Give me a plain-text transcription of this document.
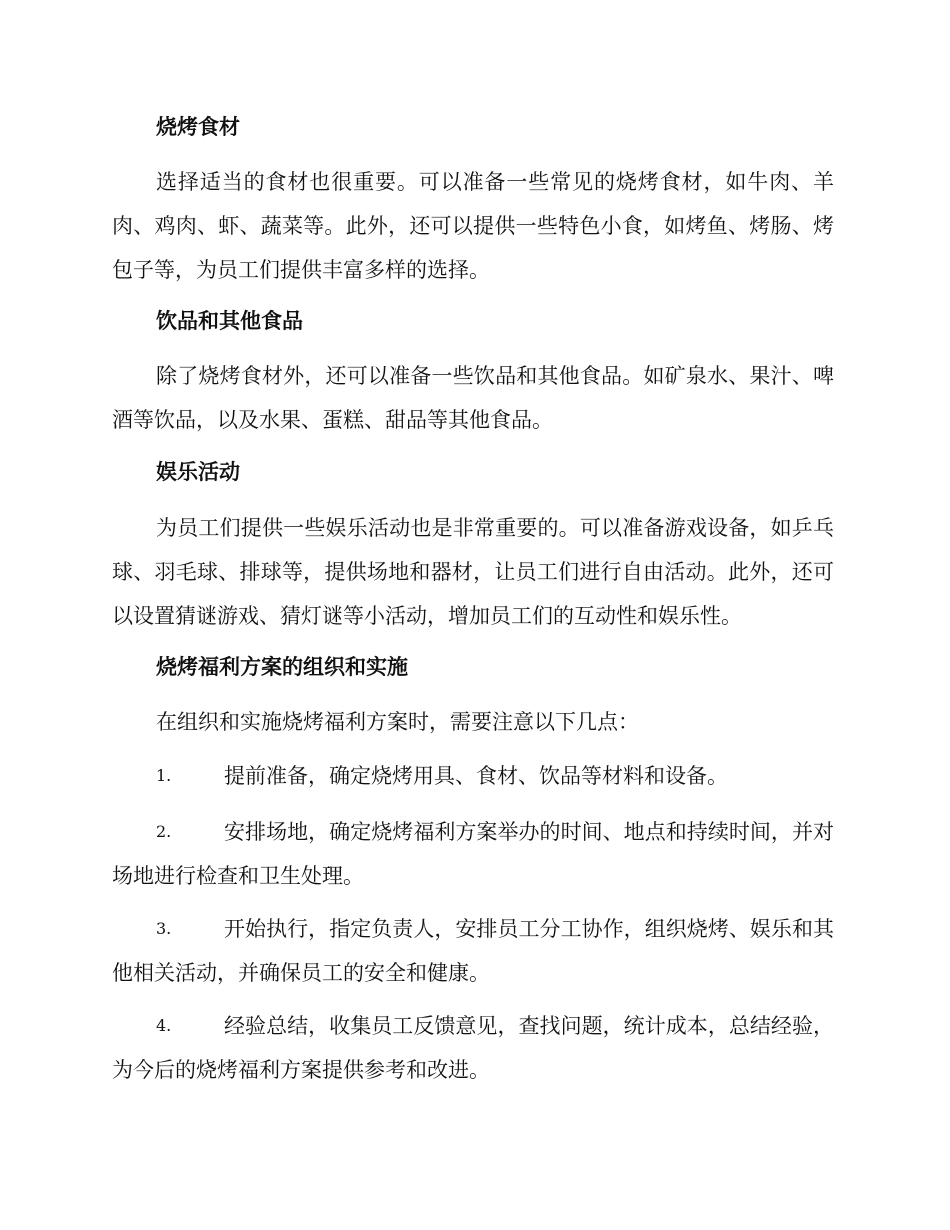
烧烤食材
选择适当的食材也很重要。可以准备一些常见的烧烤食材，如牛肉、羊肉、鸡肉、虾、蔬菜等。此外，还可以提供一些特色小食，如烤鱼、烤肠、烤包子等，为员工们提供丰富多样的选择。
饮品和其他食品
除了烧烤食材外，还可以准备一些饮品和其他食品。如矿泉水、果汁、啤酒等饮品，以及水果、蛋糕、甜品等其他食品。
娱乐活动
为员工们提供一些娱乐活动也是非常重要的。可以准备游戏设备，如乒乓球、羽毛球、排球等，提供场地和器材，让员工们进行自由活动。此外，还可以设置猜谜游戏、猜灯谜等小活动，增加员工们的互动性和娱乐性。
烧烤福利方案的组织和实施
在组织和实施烧烤福利方案时，需要注意以下几点：
1.	提前准备，确定烧烤用具、食材、饮品等材料和设备。
2.	安排场地，确定烧烤福利方案举办的时间、地点和持续时间，并对场地进行检查和卫生处理。
3.	开始执行，指定负责人，安排员工分工协作，组织烧烤、娱乐和其他相关活动，并确保员工的安全和健康。
4.	经验总结，收集员工反馈意见，查找问题，统计成本，总结经验，为今后的烧烤福利方案提供参考和改进。
